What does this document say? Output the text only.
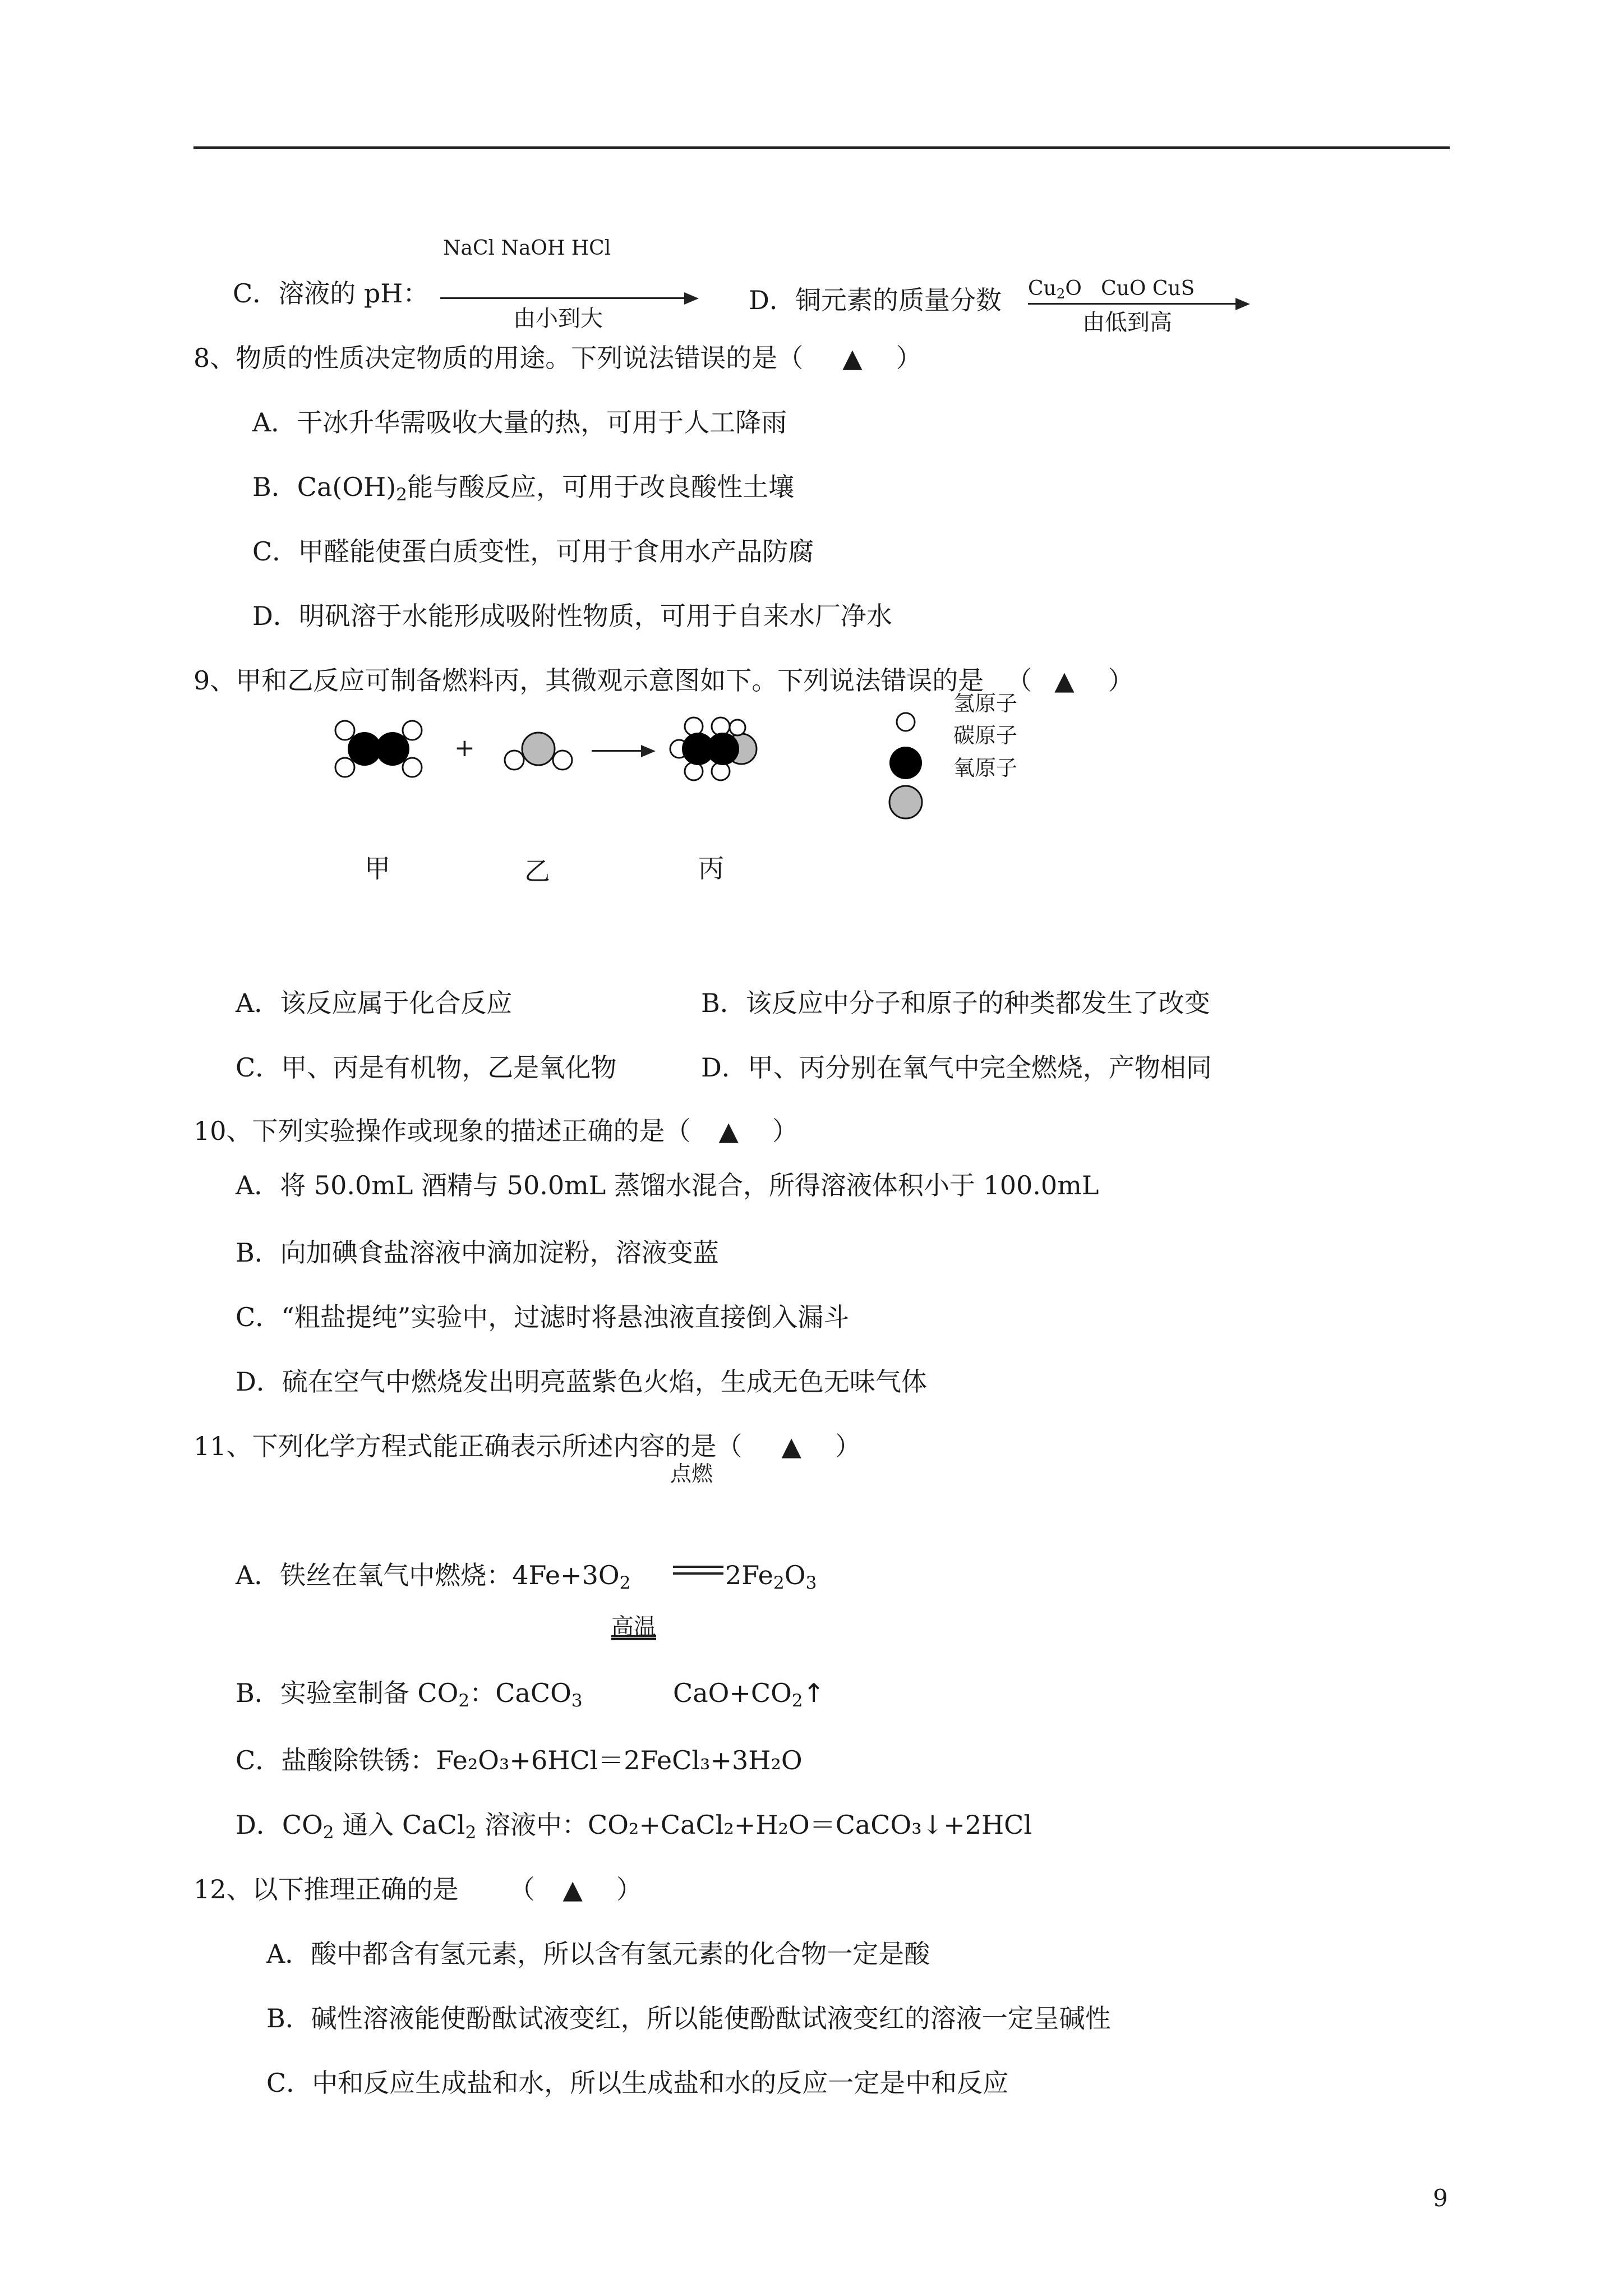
NaCl NaOH HCl
C．溶液的 pH：
由小到大
D．铜元素的质量分数 $Cu_2O$ CuO CuS
由低到高
8、物质的性质决定物质的用途。下列说法错误的是（ ▲ ）
A．干冰升华需吸收大量的热，可用于人工降雨
B．$Ca(OH)_2$能与酸反应，可用于改良酸性土壤
C．甲醛能使蛋白质变性，可用于食用水产品防腐
D．明矾溶于水能形成吸附性物质，可用于自来水厂净水
9、甲和乙反应可制备燃料丙，其微观示意图如下。下列说法错误的是 （ ▲ ）
+
氢原子
碳原子
氧原子
甲	乙	丙
A．该反应属于化合反应	B．该反应中分子和原子的种类都发生了改变
C．甲、丙是有机物，乙是氧化物	D．甲、丙分别在氧气中完全燃烧，产物相同
10、下列实验操作或现象的描述正确的是（ ▲ ）
A．将 50.0mL 酒精与 50.0mL 蒸馏水混合，所得溶液体积小于 100.0mL
B．向加碘食盐溶液中滴加淀粉，溶液变蓝
C．“粗盐提纯”实验中，过滤时将悬浊液直接倒入漏斗
D．硫在空气中燃烧发出明亮蓝紫色火焰，生成无色无味气体
11、下列化学方程式能正确表示所述内容的是（ ▲ ）
点燃
A．铁丝在氧气中燃烧：$4Fe+3O_2$	$2Fe_2O_3$
高温
B．实验室制备 $CO_2$：CaCO$_3$	$CaO+CO_2↑$
C．盐酸除铁锈：Fe₂O₃+6HCl＝2FeCl₃+3H₂O
D．$CO_2$ 通入 CaCl$_2$ 溶液中：CO₂+CaCl₂+H₂O＝CaCO₃↓+2HCl
12、以下推理正确的是 （ ▲ ）
A．酸中都含有氢元素，所以含有氢元素的化合物一定是酸
B．碱性溶液能使酚酞试液变红，所以能使酚酞试液变红的溶液一定呈碱性
C．中和反应生成盐和水，所以生成盐和水的反应一定是中和反应
9
